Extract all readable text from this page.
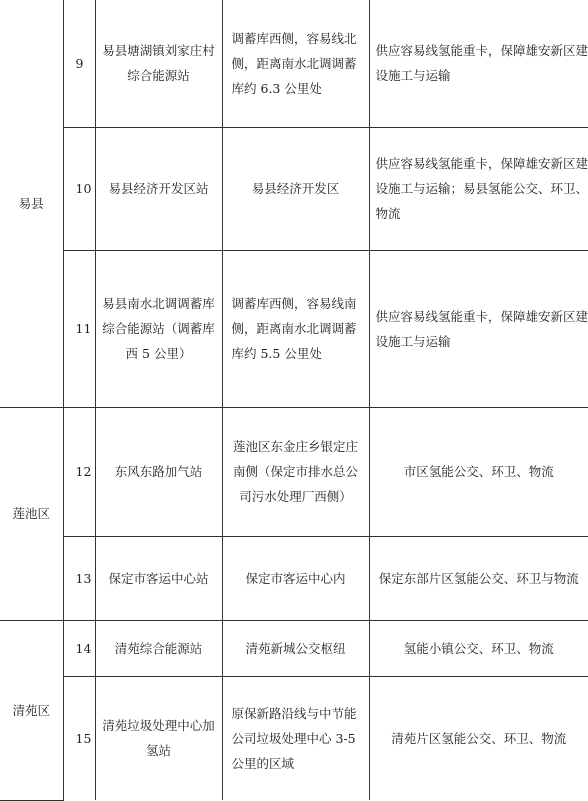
易县	9	易县塘湖镇刘家庄村综合能源站	调蓄库西侧，容易线北侧，距离南水北调调蓄库约 6.3 公里处	供应容易线氢能重卡，保障雄安新区建设施工与运输
	10	易县经济开发区站	易县经济开发区	供应容易线氢能重卡，保障雄安新区建设施工与运输；易县氢能公交、环卫、物流
	11	易县南水北调调蓄库综合能源站（调蓄库西 5 公里）	调蓄库西侧，容易线南侧，距离南水北调调蓄库约 5.5 公里处	供应容易线氢能重卡，保障雄安新区建设施工与运输
莲池区	12	东风东路加气站	莲池区东金庄乡银定庄南侧（保定市排水总公司污水处理厂西侧）	市区氢能公交、环卫、物流
	13	保定市客运中心站	保定市客运中心内	保定东部片区氢能公交、环卫与物流
清苑区	14	清苑综合能源站	清苑新城公交枢纽	氢能小镇公交、环卫、物流
	15	清苑垃圾处理中心加氢站	原保新路沿线与中节能公司垃圾处理中心 3-5 公里的区域	清苑片区氢能公交、环卫、物流
